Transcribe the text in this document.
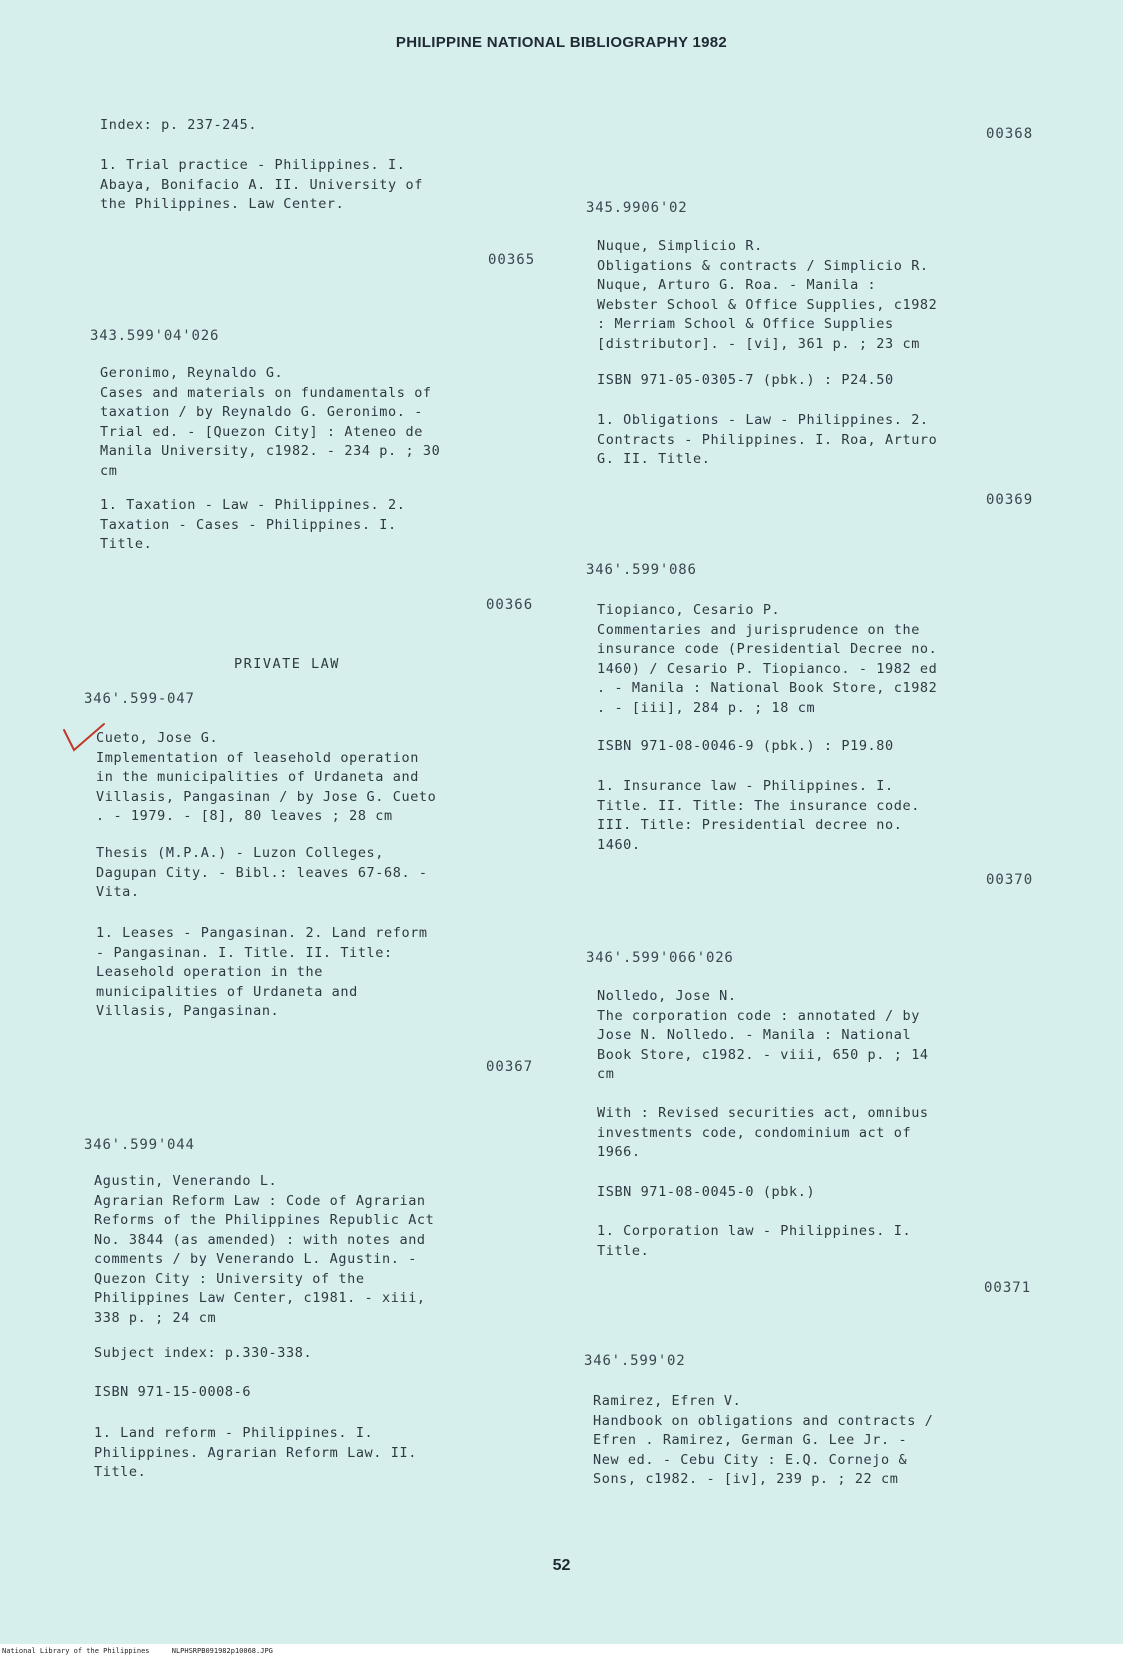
PHILIPPINE NATIONAL BIBLIOGRAPHY 1982
Index: p. 237-245.
1. Trial practice - Philippines. I.
Abaya, Bonifacio A. II. University of
the Philippines. Law Center.
00365
343.599'04'026
Geronimo, Reynaldo G.
Cases and materials on fundamentals of
taxation / by Reynaldo G. Geronimo. -
Trial ed. - [Quezon City] : Ateneo de
Manila University, c1982. - 234 p. ; 30
cm
1. Taxation - Law - Philippines. 2.
Taxation - Cases - Philippines. I.
Title.
00366
PRIVATE LAW
346'.599-047
Cueto, Jose G.
Implementation of leasehold operation
in the municipalities of Urdaneta and
Villasis, Pangasinan / by Jose G. Cueto
. - 1979. - [8], 80 leaves ; 28 cm
Thesis (M.P.A.) - Luzon Colleges,
Dagupan City. - Bibl.: leaves 67-68. -
Vita.
1. Leases - Pangasinan. 2. Land reform
- Pangasinan. I. Title. II. Title:
Leasehold operation in the
municipalities of Urdaneta and
Villasis, Pangasinan.
00367
346'.599'044
Agustin, Venerando L.
Agrarian Reform Law : Code of Agrarian
Reforms of the Philippines Republic Act
No. 3844 (as amended) : with notes and
comments / by Venerando L. Agustin. -
Quezon City : University of the
Philippines Law Center, c1981. - xiii,
338 p. ; 24 cm
Subject index: p.330-338.
ISBN 971-15-0008-6
1. Land reform - Philippines. I.
Philippines. Agrarian Reform Law. II.
Title.
00368
345.9906'02
Nuque, Simplicio R.
Obligations & contracts / Simplicio R.
Nuque, Arturo G. Roa. - Manila :
Webster School & Office Supplies, c1982
: Merriam School & Office Supplies
[distributor]. - [vi], 361 p. ; 23 cm
ISBN 971-05-0305-7 (pbk.) : P24.50
1. Obligations - Law - Philippines. 2.
Contracts - Philippines. I. Roa, Arturo
G. II. Title.
00369
346'.599'086
Tiopianco, Cesario P.
Commentaries and jurisprudence on the
insurance code (Presidential Decree no.
1460) / Cesario P. Tiopianco. - 1982 ed
. - Manila : National Book Store, c1982
. - [iii], 284 p. ; 18 cm
ISBN 971-08-0046-9 (pbk.) : P19.80
1. Insurance law - Philippines. I.
Title. II. Title: The insurance code.
III. Title: Presidential decree no.
1460.
00370
346'.599'066'026
Nolledo, Jose N.
The corporation code : annotated / by
Jose N. Nolledo. - Manila : National
Book Store, c1982. - viii, 650 p. ; 14
cm
With : Revised securities act, omnibus
investments code, condominium act of
1966.
ISBN 971-08-0045-0 (pbk.)
1. Corporation law - Philippines. I.
Title.
00371
346'.599'02
Ramirez, Efren V.
Handbook on obligations and contracts /
Efren . Ramirez, German G. Lee Jr. -
New ed. - Cebu City : E.Q. Cornejo &
Sons, c1982. - [iv], 239 p. ; 22 cm
52
National Library of the Philippines	NLPHSRPB091982p10068.JPG
